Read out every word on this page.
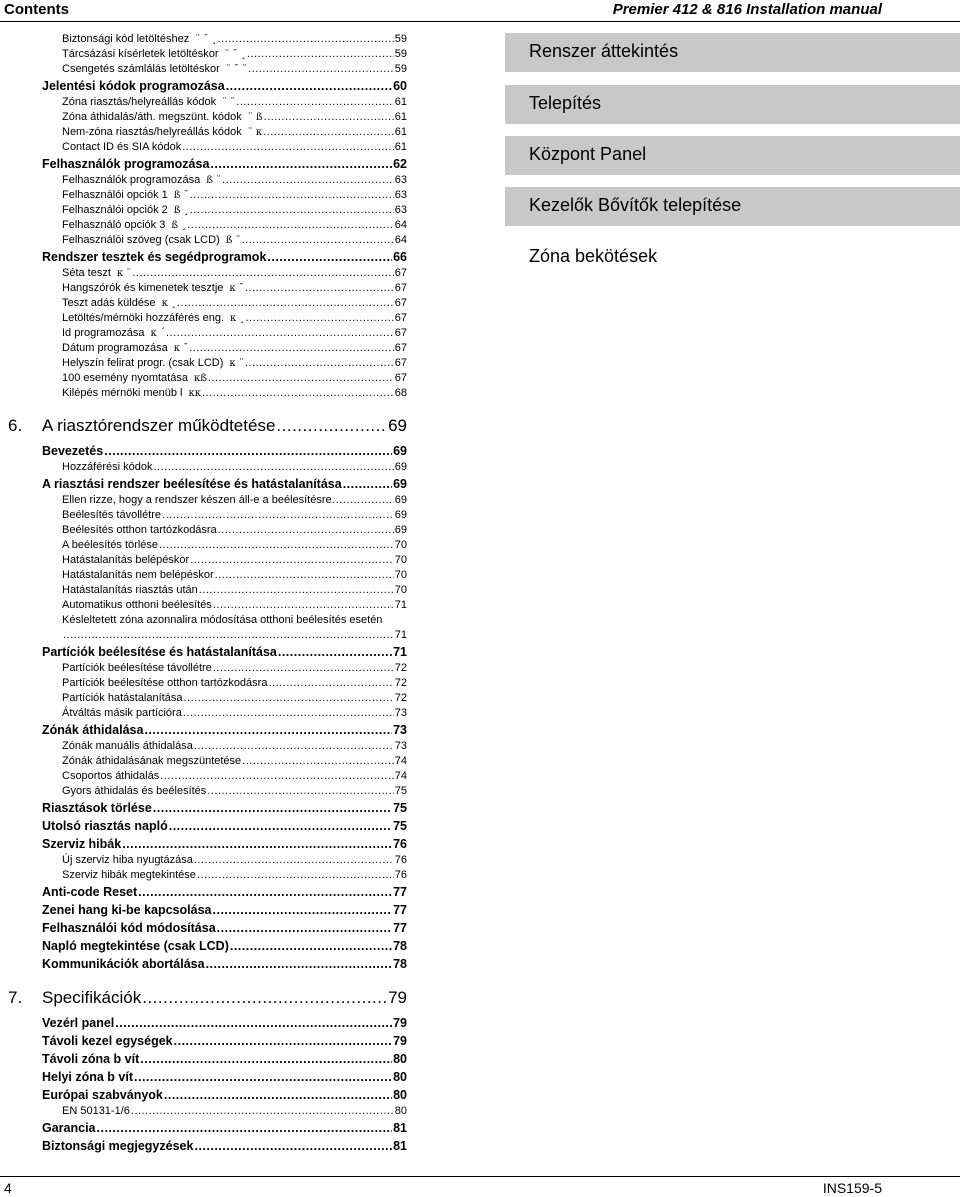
Contents	Premier 412 & 816 Installation manual
Biztonsági kód letöltéshez ¨ ¯ ¸ .....	59
Tárcsázási kísérletek letöltéskor ¨ ¯ ¸ .....	59
Csengetés számlálás letöltéskor ¨ ¯ ¨ .....	59
Jelentési kódok programozása .....	60
Zóna riasztás/helyreállás kódok ¨ ¨ .....	61
Zóna áthidalás/áth. megszünt. kódok ¨ ß .....	61
Nem-zóna riasztás/helyreállás kódok ¨ κ .....	61
Contact ID és SIA kódok .....	61
Felhasználók programozása .....	62
Felhasználók programozása ß ¨ .....	63
Felhasználói opciók 1 ß ¯ .....	63
Felhasználói opciók 2 ß ¸ .....	63
Felhasználó opciók 3 ß ¸ .....	64
Felhasználói szöveg (csak LCD) ß ¨ .....	64
Rendszer tesztek és segédprogramok .....	66
Séta teszt κ ¨ .....	67
Hangszórók és kimenetek tesztje κ ¯ .....	67
Teszt adás küldése κ ¸ .....	67
Letöltés/mérnöki hozzáférés eng. κ ¸ .....	67
Id programozása κ ´ .....	67
Dátum programozása κ ¯ .....	67
Helyszín felirat progr. (csak LCD) κ ¨ .....	67
100 esemény nyomtatása κß .....	67
Kilépés mérnöki menüb l κκ .....	68
6.	A riasztórendszer működtetése .....	69
Bevezetés .....	69
Hozzáférési kódok .....	69
A riasztási rendszer beélesítése és hatástalanítása .....	69
Ellen rizze, hogy a rendszer készen áll-e a beélesítésre. .....	69
Beélesítés távollétre .....	69
Beélesítés otthon tartózkodásra .....	69
A beélesítés törlése .....	70
Hatástalanítás belépéskor .....	70
Hatástalanítás nem belépéskor .....	70
Hatástalanítás riasztás után .....	70
Automatikus otthoni beélesítés .....	71
Késleltetett zóna azonnalira módosítása otthoni beélesítés esetén
.....
71
Partíciók beélesítése és hatástalanítása .....	71
Partíciók beélesítése távollétre .....	72
Partíciók beélesítése otthon tartózkodásra .....	72
Partíciók hatástalanítása .....	72
Átváltás másik partícióra .....	73
Zónák áthidalása .....	73
Zónák manuális áthidalása .....	73
Zónák áthidalásának megszüntetése .....	74
Csoportos áthidalás .....	74
Gyors áthidalás és beélesítés .....	75
Riasztások törlése .....	75
Utolsó riasztás napló .....	75
Szerviz hibák .....	76
Új szerviz hiba nyugtázása .....	76
Szerviz hibák megtekintése .....	76
Anti-code Reset .....	77
Zenei hang ki-be kapcsolása .....	77
Felhasználói kód módosítása .....	77
Napló megtekintése (csak LCD) .....	78
Kommunikációk abortálása .....	78
7.	Specifikációk .....	79
Vezérl panel .....	79
Távoli kezel egységek .....	79
Távoli zóna b vít .....	80
Helyi zóna b vít .....	80
Európai szabványok .....	80
EN 50131-1/6 .....	80
Garancia .....	81
Biztonsági megjegyzések .....	81
Renszer áttekintés
Telepítés
Központ Panel
Kezelők Bővítők telepítése
Zóna bekötések
4	INS159-5
